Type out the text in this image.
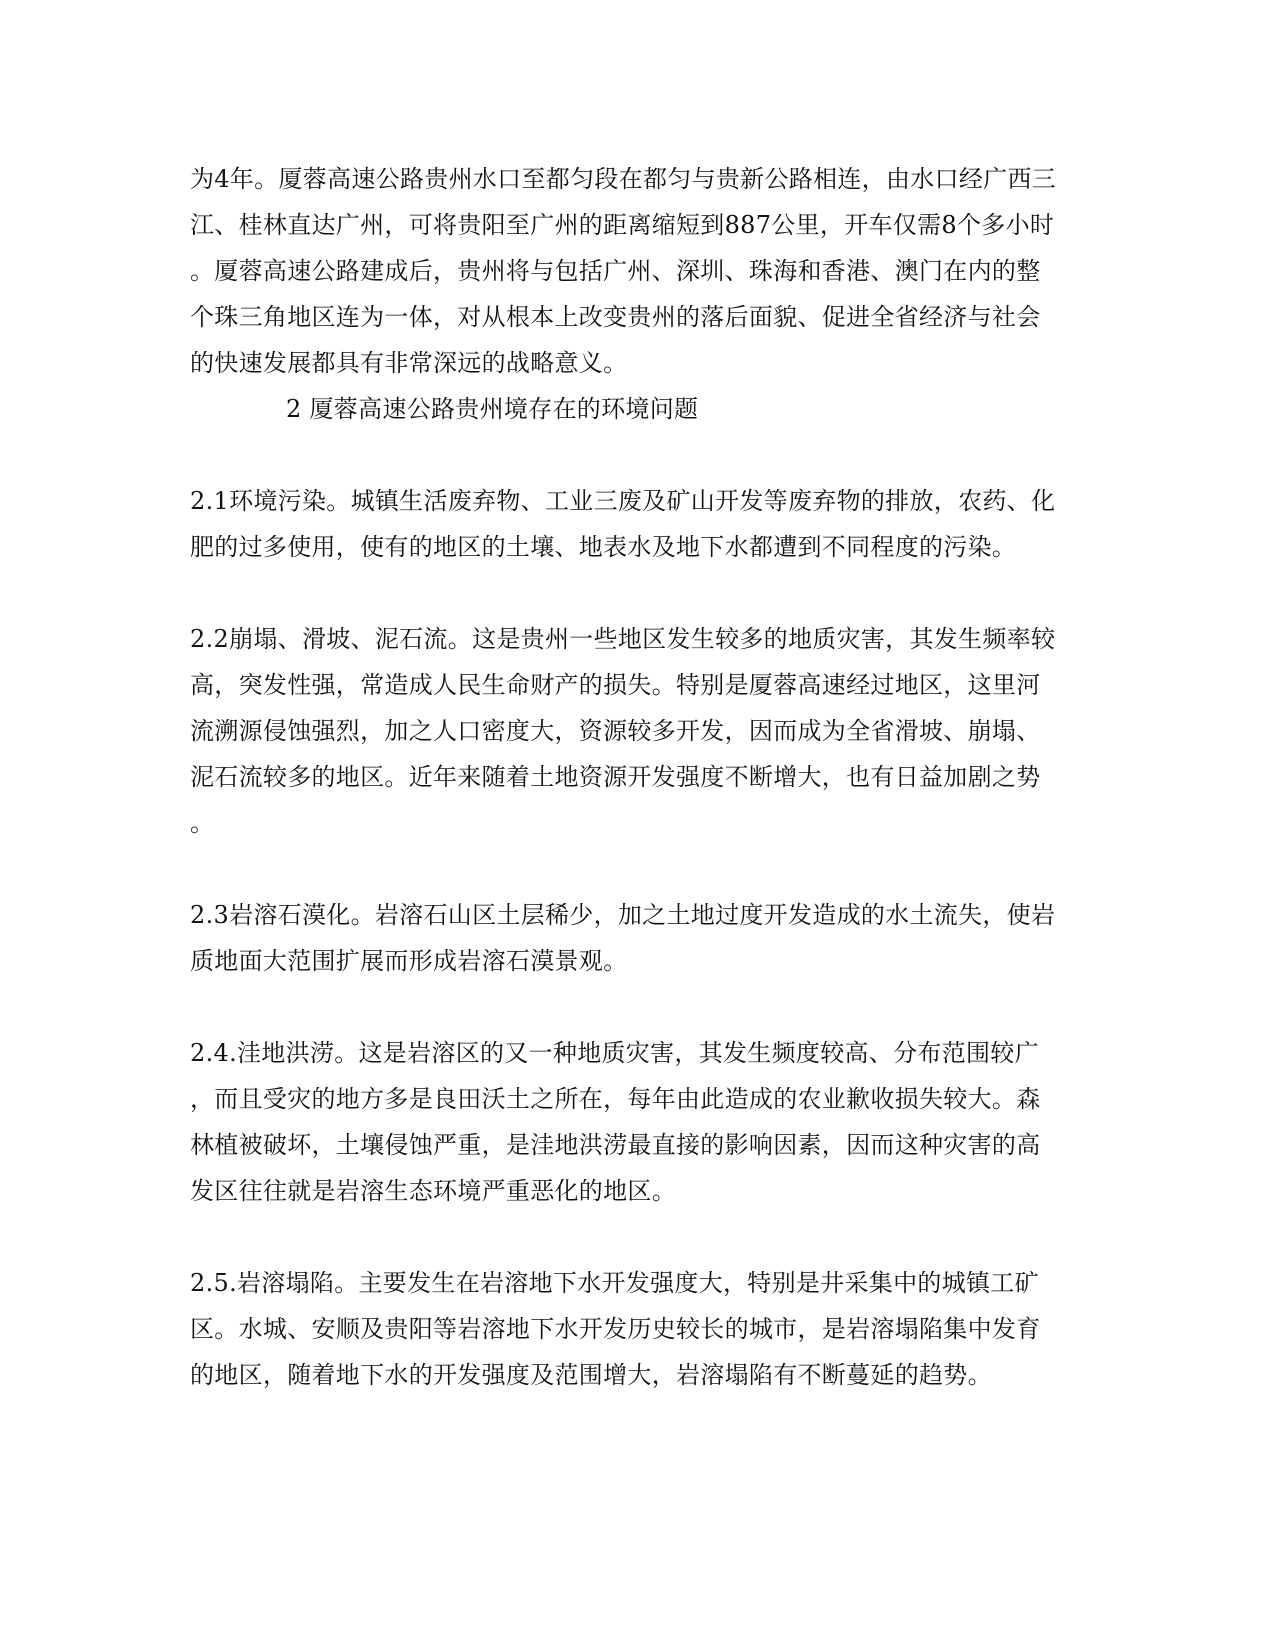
为4年。厦蓉高速公路贵州水口至都匀段在都匀与贵新公路相连，由水口经广西三
江、桂林直达广州，可将贵阳至广州的距离缩短到887公里，开车仅需8个多小时
。厦蓉高速公路建成后，贵州将与包括广州、深圳、珠海和香港、澳门在内的整
个珠三角地区连为一体，对从根本上改变贵州的落后面貌、促进全省经济与社会
的快速发展都具有非常深远的战略意义。
2 厦蓉高速公路贵州境存在的环境问题
2.1环境污染。城镇生活废弃物、工业三废及矿山开发等废弃物的排放，农药、化
肥的过多使用，使有的地区的土壤、地表水及地下水都遭到不同程度的污染。
2.2崩塌、滑坡、泥石流。这是贵州一些地区发生较多的地质灾害，其发生频率较
高，突发性强，常造成人民生命财产的损失。特别是厦蓉高速经过地区，这里河
流溯源侵蚀强烈，加之人口密度大，资源较多开发，因而成为全省滑坡、崩塌、
泥石流较多的地区。近年来随着土地资源开发强度不断增大，也有日益加剧之势
。
2.3岩溶石漠化。岩溶石山区土层稀少，加之土地过度开发造成的水土流失，使岩
质地面大范围扩展而形成岩溶石漠景观。
2.4.洼地洪涝。这是岩溶区的又一种地质灾害，其发生频度较高、分布范围较广
，而且受灾的地方多是良田沃土之所在，每年由此造成的农业歉收损失较大。森
林植被破坏，土壤侵蚀严重，是洼地洪涝最直接的影响因素，因而这种灾害的高
发区往往就是岩溶生态环境严重恶化的地区。
2.5.岩溶塌陷。主要发生在岩溶地下水开发强度大，特别是井采集中的城镇工矿
区。水城、安顺及贵阳等岩溶地下水开发历史较长的城市，是岩溶塌陷集中发育
的地区，随着地下水的开发强度及范围增大，岩溶塌陷有不断蔓延的趋势。
